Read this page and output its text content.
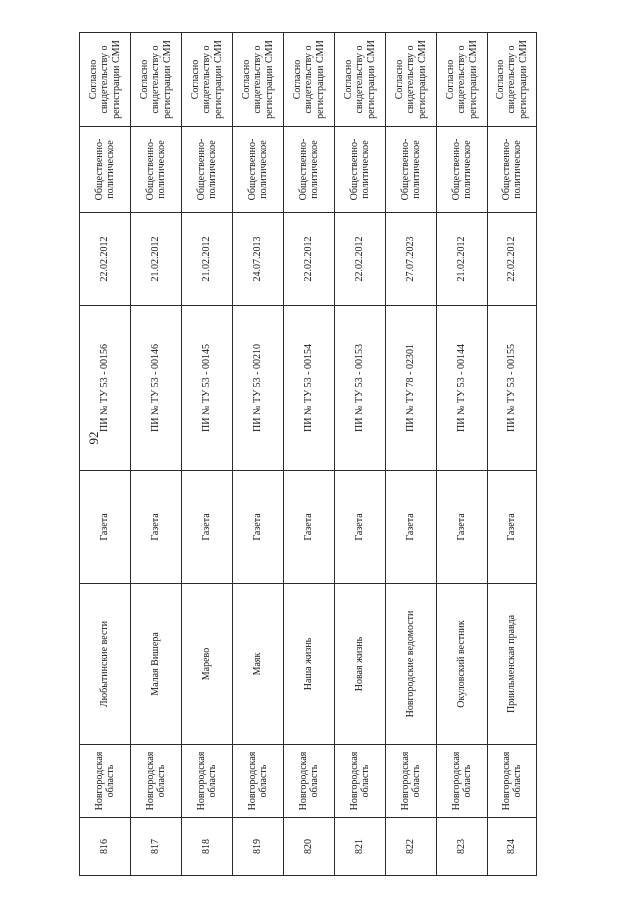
92
816	Новгородская область	Любытинские вести	Газета	ПИ № ТУ 53 - 00156	22.02.2012	Общественно-политическое	Согласно свидетельству о регистрации СМИ
817	Новгородская область	Малая Вишера	Газета	ПИ № ТУ 53 - 00146	21.02.2012	Общественно-политическое	Согласно свидетельству о регистрации СМИ
818	Новгородская область	Марево	Газета	ПИ № ТУ 53 - 00145	21.02.2012	Общественно-политическое	Согласно свидетельству о регистрации СМИ
819	Новгородская область	Маяк	Газета	ПИ № ТУ 53 - 00210	24.07.2013	Общественно-политическое	Согласно свидетельству о регистрации СМИ
820	Новгородская область	Наша жизнь	Газета	ПИ № ТУ 53 - 00154	22.02.2012	Общественно-политическое	Согласно свидетельству о регистрации СМИ
821	Новгородская область	Новая жизнь	Газета	ПИ № ТУ 53 - 00153	22.02.2012	Общественно-политическое	Согласно свидетельству о регистрации СМИ
822	Новгородская область	Новгородские ведомости	Газета	ПИ № ТУ 78 - 02301	27.07.2023	Общественно-политическое	Согласно свидетельству о регистрации СМИ
823	Новгородская область	Окуловский вестник	Газета	ПИ № ТУ 53 - 00144	21.02.2012	Общественно-политическое	Согласно свидетельству о регистрации СМИ
824	Новгородская область	Приильменская правда	Газета	ПИ № ТУ 53 - 00155	22.02.2012	Общественно-политическое	Согласно свидетельству о регистрации СМИ
